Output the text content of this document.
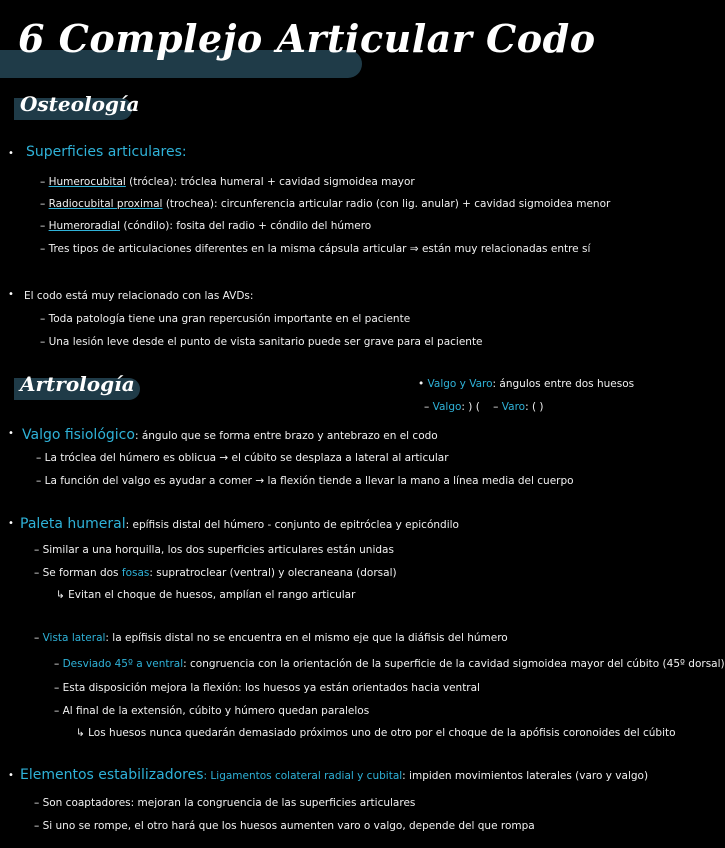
6 Complejo Articular Codo
Osteología
• Superficies articulares:
– Humerocubital (tróclea): tróclea humeral + cavidad sigmoidea mayor
– Radiocubital proximal (trochea): circunferencia articular radio (con lig. anular) + cavidad sigmoidea menor
– Humeroradial (cóndilo): fosita del radio + cóndilo del húmero
– Tres tipos de articulaciones diferentes en la misma cápsula articular ⇒ están muy relacionadas entre sí
• El codo está muy relacionado con las AVDs:
– Toda patología tiene una gran repercusión importante en el paciente
– Una lesión leve desde el punto de vista sanitario puede ser grave para el paciente
Artrología	• Valgo y Varo: ángulos entre dos huesos
– Valgo: ) (    – Varo: ( )
• Valgo fisiológico: ángulo que se forma entre brazo y antebrazo en el codo
– La tróclea del húmero es oblicua → el cúbito se desplaza a lateral al articular
– La función del valgo es ayudar a comer → la flexión tiende a llevar la mano a línea media del cuerpo
• Paleta humeral: epífisis distal del húmero - conjunto de epitróclea y epicóndilo
– Similar a una horquilla, los dos superficies articulares están unidas
– Se forman dos fosas: supratroclear (ventral) y olecraneana (dorsal)
↳ Evitan el choque de huesos, amplían el rango articular
– Vista lateral: la epífisis distal no se encuentra en el mismo eje que la diáfisis del húmero
– Desviado 45º a ventral: congruencia con la orientación de la superficie de la cavidad sigmoidea mayor del cúbito (45º dorsal)
– Esta disposición mejora la flexión: los huesos ya están orientados hacia ventral
– Al final de la extensión, cúbito y húmero quedan paralelos
↳ Los huesos nunca quedarán demasiado próximos uno de otro por el choque de la apófisis coronoides del cúbito
• Elementos estabilizadores: Ligamentos colateral radial y cubital: impiden movimientos laterales (varo y valgo)
– Son coaptadores: mejoran la congruencia de las superficies articulares
– Si uno se rompe, el otro hará que los huesos aumenten varo o valgo, depende del que rompa
